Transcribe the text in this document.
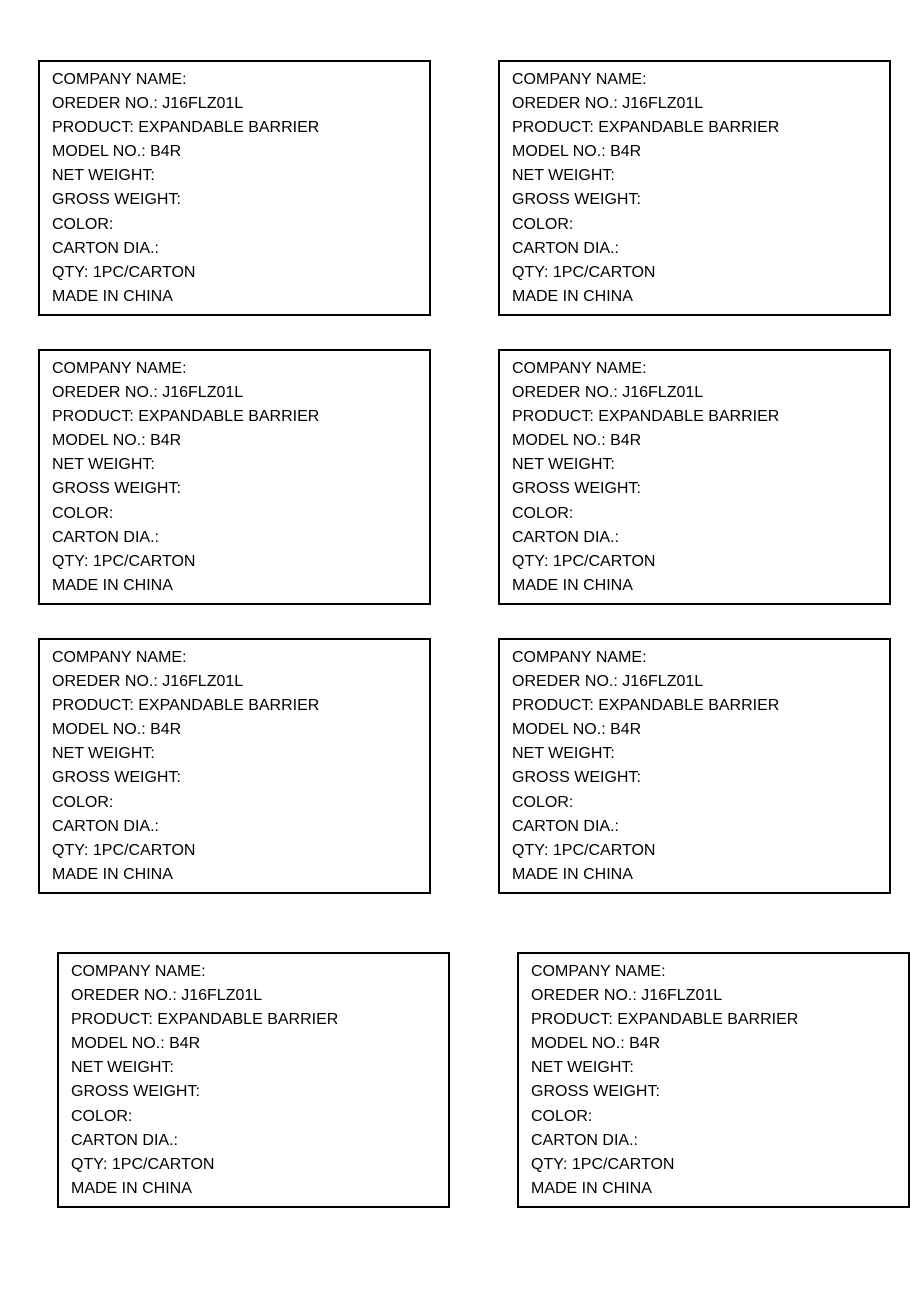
COMPANY NAME:
OREDER NO.: J16FLZ01L
PRODUCT: EXPANDABLE BARRIER
MODEL NO.: B4R
NET WEIGHT:
GROSS WEIGHT:
COLOR:
CARTON DIA.:
QTY: 1PC/CARTON
MADE IN CHINA
COMPANY NAME:
OREDER NO.: J16FLZ01L
PRODUCT: EXPANDABLE BARRIER
MODEL NO.: B4R
NET WEIGHT:
GROSS WEIGHT:
COLOR:
CARTON DIA.:
QTY: 1PC/CARTON
MADE IN CHINA
COMPANY NAME:
OREDER NO.: J16FLZ01L
PRODUCT: EXPANDABLE BARRIER
MODEL NO.: B4R
NET WEIGHT:
GROSS WEIGHT:
COLOR:
CARTON DIA.:
QTY: 1PC/CARTON
MADE IN CHINA
COMPANY NAME:
OREDER NO.: J16FLZ01L
PRODUCT: EXPANDABLE BARRIER
MODEL NO.: B4R
NET WEIGHT:
GROSS WEIGHT:
COLOR:
CARTON DIA.:
QTY: 1PC/CARTON
MADE IN CHINA
COMPANY NAME:
OREDER NO.: J16FLZ01L
PRODUCT: EXPANDABLE BARRIER
MODEL NO.: B4R
NET WEIGHT:
GROSS WEIGHT:
COLOR:
CARTON DIA.:
QTY: 1PC/CARTON
MADE IN CHINA
COMPANY NAME:
OREDER NO.: J16FLZ01L
PRODUCT: EXPANDABLE BARRIER
MODEL NO.: B4R
NET WEIGHT:
GROSS WEIGHT:
COLOR:
CARTON DIA.:
QTY: 1PC/CARTON
MADE IN CHINA
COMPANY NAME:
OREDER NO.: J16FLZ01L
PRODUCT: EXPANDABLE BARRIER
MODEL NO.: B4R
NET WEIGHT:
GROSS WEIGHT:
COLOR:
CARTON DIA.:
QTY: 1PC/CARTON
MADE IN CHINA
COMPANY NAME:
OREDER NO.: J16FLZ01L
PRODUCT: EXPANDABLE BARRIER
MODEL NO.: B4R
NET WEIGHT:
GROSS WEIGHT:
COLOR:
CARTON DIA.:
QTY: 1PC/CARTON
MADE IN CHINA
